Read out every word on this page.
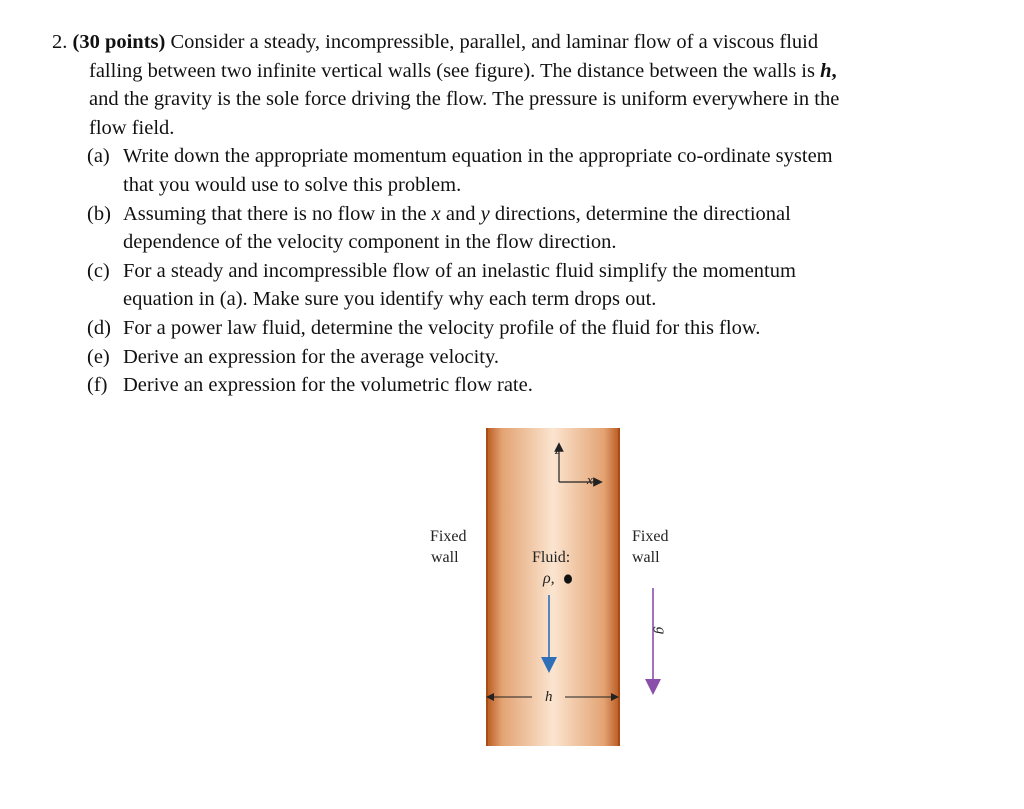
2. (30 points) Consider a steady, incompressible, parallel, and laminar flow of a viscous fluid
falling between two infinite vertical walls (see figure). The distance between the walls is h,
and the gravity is the sole force driving the flow. The pressure is uniform everywhere in the
flow field.
(a) Write down the appropriate momentum equation in the appropriate co-ordinate system
that you would use to solve this problem.
(b) Assuming that there is no flow in the x and y directions, determine the directional
dependence of the velocity component in the flow direction.
(c) For a steady and incompressible flow of an inelastic fluid simplify the momentum
equation in (a). Make sure you identify why each term drops out.
(d) For a power law fluid, determine the velocity profile of the fluid for this flow.
(e) Derive an expression for the average velocity.
(f) Derive an expression for the volumetric flow rate.
z
x
Fixed
wall
Fixed
wall
Fluid:
ρ,
g
h
